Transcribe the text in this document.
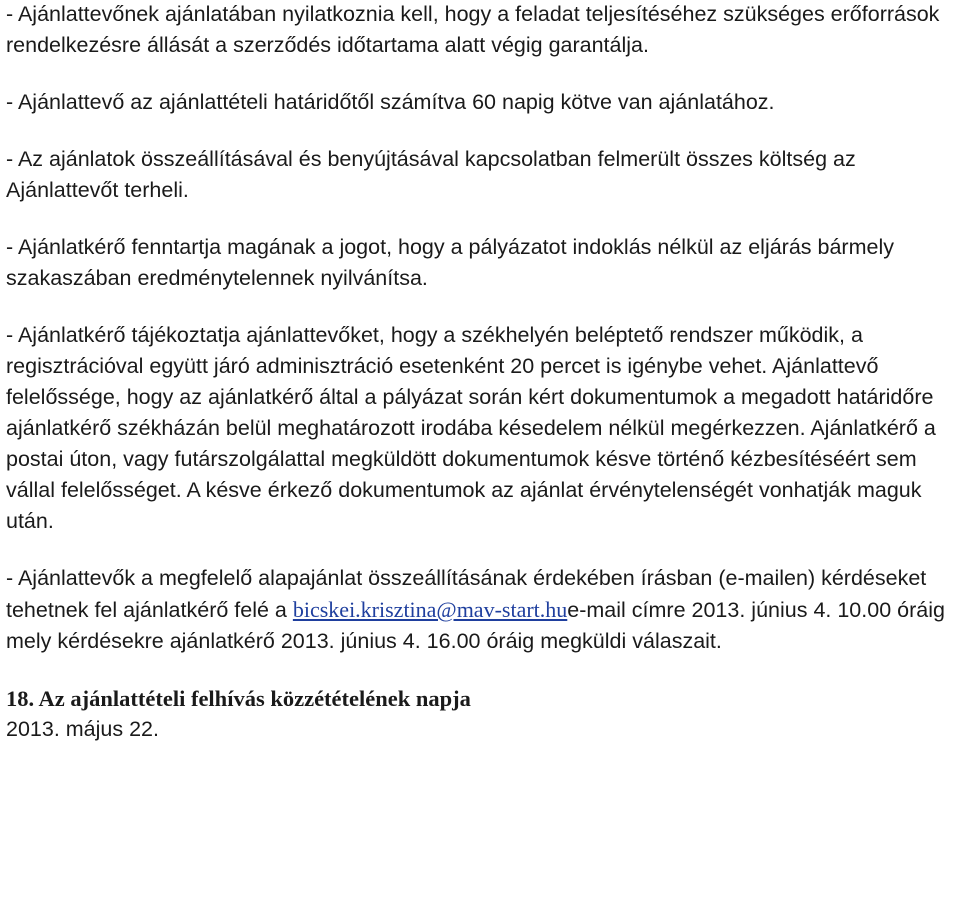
- Ajánlattevőnek ajánlatában nyilatkoznia kell, hogy a feladat teljesítéséhez szükséges erőforrások rendelkezésre állását a szerződés időtartama alatt végig garantálja.

- Ajánlattevő az ajánlattételi határidőtől számítva 60 napig kötve van ajánlatához.

- Az ajánlatok összeállításával és benyújtásával kapcsolatban felmerült összes költség az Ajánlattevőt terheli.

- Ajánlatkérő fenntartja magának a jogot, hogy a pályázatot indoklás nélkül az eljárás bármely szakaszában eredménytelennek nyilvánítsa.

- Ajánlatkérő tájékoztatja ajánlattevőket, hogy a székhelyén beléptető rendszer működik, a regisztrációval együtt járó adminisztráció esetenként 20 percet is igénybe vehet. Ajánlattevő felelőssége, hogy az ajánlatkérő által a pályázat során kért dokumentumok a megadott határidőre ajánlatkérő székházán belül meghatározott irodába késedelem nélkül megérkezzen. Ajánlatkérő a postai úton, vagy futárszolgálattal megküldött dokumentumok késve történő kézbesítéséért sem vállal felelősséget. A késve érkező dokumentumok az ajánlat érvénytelenségét vonhatják maguk után.

- Ajánlattevők a megfelelő alapajánlat összeállításának érdekében írásban (e-mailen) kérdéseket tehetnek fel ajánlatkérő felé a bicskei.krisztina@mav-start.hue-mail címre 2013. június 4. 10.00 óráig mely kérdésekre ajánlatkérő 2013. június 4. 16.00 óráig megküldi válaszait.

18. Az ajánlattételi felhívás közzétételének napja

2013. május 22.
